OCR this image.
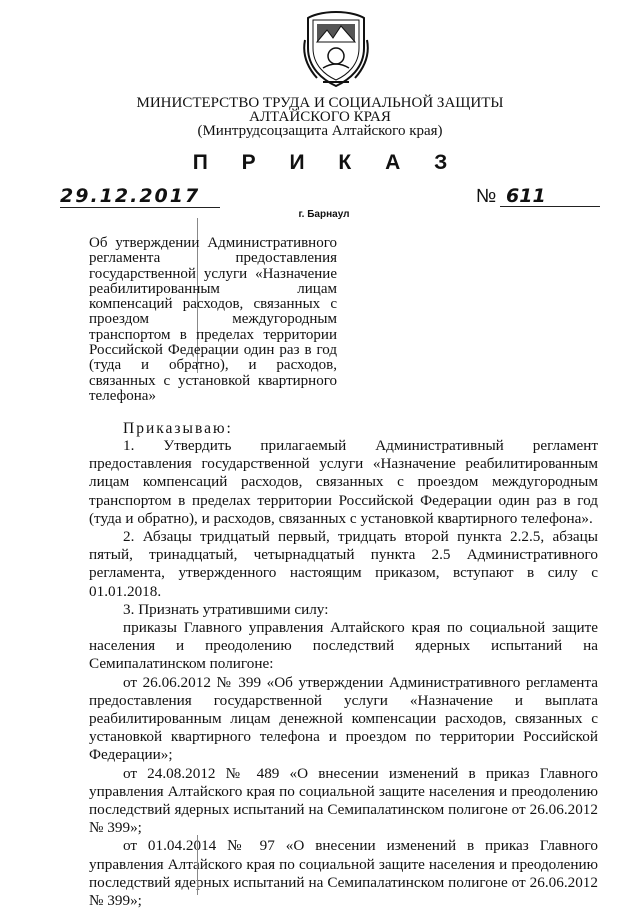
МИНИСТЕРСТВО ТРУДА И СОЦИАЛЬНОЙ ЗАЩИТЫ
АЛТАЙСКОГО КРАЯ
(Минтрудсоцзащита Алтайского края)
П Р И К А З
29.12.2017	№ 611
г. Барнаул
Об утверждении Административного регламента предоставления государственной услуги «Назначение реабилитированным лицам компенсаций расходов, связанных с проездом междугородным транспортом в пределах территории Российской Федерации один раз в год (туда и обратно), и расходов, связанных с установкой квартирного телефона»

Приказываю:

1. Утвердить прилагаемый Административный регламент предоставления государственной услуги «Назначение реабилитированным лицам компенсаций расходов, связанных с проездом междугородным транспортом в пределах территории Российской Федерации один раз в год (туда и обратно), и расходов, связанных с установкой квартирного телефона».

2. Абзацы тридцатый первый, тридцать второй пункта 2.2.5, абзацы пятый, тринадцатый, четырнадцатый пункта 2.5 Административного регламента, утвержденного настоящим приказом, вступают в силу с 01.01.2018.

3. Признать утратившими силу:

приказы Главного управления Алтайского края по социальной защите населения и преодолению последствий ядерных испытаний на Семипалатинском полигоне:

от 26.06.2012 № 399 «Об утверждении Административного регламента предоставления государственной услуги «Назначение и выплата реабилитированным лицам денежной компенсации расходов, связанных с установкой квартирного телефона и проездом по территории Российской Федерации»;

от 24.08.2012 № 489 «О внесении изменений в приказ Главного управления Алтайского края по социальной защите населения и преодолению последствий ядерных испытаний на Семипалатинском полигоне от 26.06.2012 № 399»;

от 01.04.2014 № 97 «О внесении изменений в приказ Главного управления Алтайского края по социальной защите населения и преодолению последствий ядерных испытаний на Семипалатинском полигоне от 26.06.2012 № 399»;
